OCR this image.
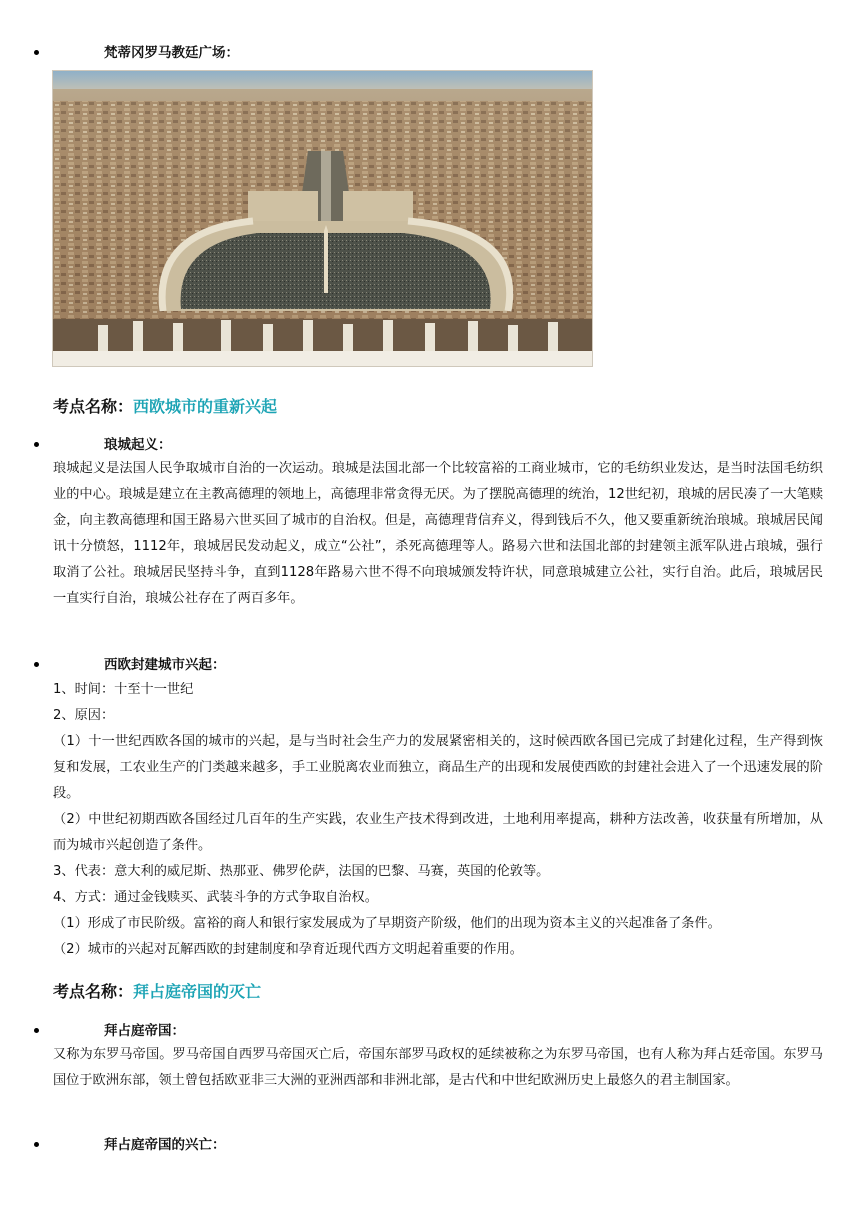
梵蒂冈罗马教廷广场：
考点名称：西欧城市的重新兴起
琅城起义：

琅城起义是法国人民争取城市自治的一次运动。琅城是法国北部一个比较富裕的工商业城市，它的毛纺织业发达，是当时法国毛纺织业的中心。琅城是建立在主教高德理的领地上，高德理非常贪得无厌。为了摆脱高德理的统治，12世纪初，琅城的居民凑了一大笔赎金，向主教高德理和国王路易六世买回了城市的自治权。但是，高德理背信弃义，得到钱后不久，他又要重新统治琅城。琅城居民闻讯十分愤怒，1112年，琅城居民发动起义，成立“公社”，杀死高德理等人。路易六世和法国北部的封建领主派军队进占琅城，强行取消了公社。琅城居民坚持斗争，直到1128年路易六世不得不向琅城颁发特许状，同意琅城建立公社，实行自治。此后，琅城居民一直实行自治，琅城公社存在了两百多年。

西欧封建城市兴起：

1、时间：十至十一世纪

2、原因：

（1）十一世纪西欧各国的城市的兴起，是与当时社会生产力的发展紧密相关的，这时候西欧各国已完成了封建化过程，生产得到恢复和发展，工农业生产的门类越来越多，手工业脱离农业而独立，商品生产的出现和发展使西欧的封建社会进入了一个迅速发展的阶段。

（2）中世纪初期西欧各国经过几百年的生产实践，农业生产技术得到改进，土地利用率提高，耕种方法改善，收获量有所增加，从而为城市兴起创造了条件。

3、代表：意大利的威尼斯、热那亚、佛罗伦萨，法国的巴黎、马赛，英国的伦敦等。

4、方式：通过金钱赎买、武装斗争的方式争取自治权。

（1）形成了市民阶级。富裕的商人和银行家发展成为了早期资产阶级，他们的出现为资本主义的兴起准备了条件。

（2）城市的兴起对瓦解西欧的封建制度和孕育近现代西方文明起着重要的作用。

考点名称：拜占庭帝国的灭亡
拜占庭帝国：

又称为东罗马帝国。罗马帝国自西罗马帝国灭亡后，帝国东部罗马政权的延续被称之为东罗马帝国，也有人称为拜占廷帝国。东罗马国位于欧洲东部，领土曾包括欧亚非三大洲的亚洲西部和非洲北部，是古代和中世纪欧洲历史上最悠久的君主制国家。

拜占庭帝国的兴亡：
